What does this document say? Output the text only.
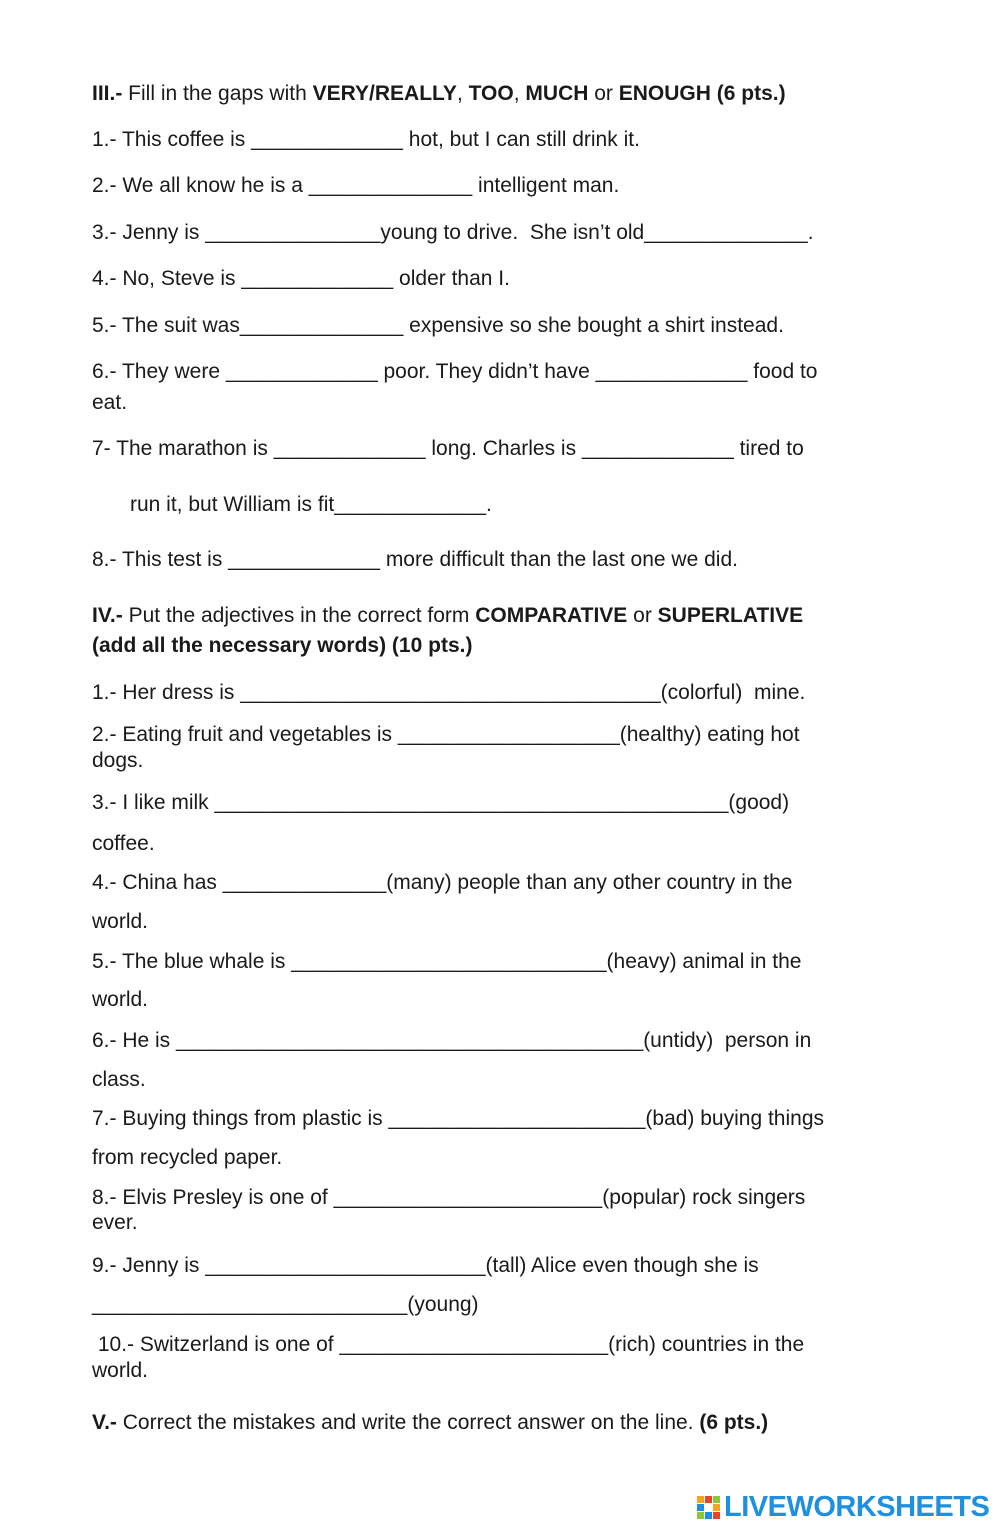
III.- Fill in the gaps with VERY/REALLY, TOO, MUCH or ENOUGH (6 pts.)
1.- This coffee is _____________ hot, but I can still drink it.
2.- We all know he is a ______________ intelligent man.
3.- Jenny is _______________young to drive.  She isn’t old______________.
4.- No, Steve is _____________ older than I.
5.- The suit was______________ expensive so she bought a shirt instead.
6.- They were _____________ poor. They didn’t have _____________ food to
eat.
7- The marathon is _____________ long. Charles is _____________ tired to
run it, but William is fit_____________.
8.- This test is _____________ more difficult than the last one we did.
IV.- Put the adjectives in the correct form COMPARATIVE or SUPERLATIVE
(add all the necessary words) (10 pts.)
1.- Her dress is ____________________________________(colorful)  mine.
2.- Eating fruit and vegetables is ___________________(healthy) eating hot
dogs.
3.- I like milk ____________________________________________(good)
coffee.
4.- China has ______________(many) people than any other country in the
world.
5.- The blue whale is ___________________________(heavy) animal in the
world.
6.- He is ________________________________________(untidy)  person in
class.
7.- Buying things from plastic is ______________________(bad) buying things
from recycled paper.
8.- Elvis Presley is one of _______________________(popular) rock singers
ever.
9.- Jenny is ________________________(tall) Alice even though she is
___________________________(young)
10.- Switzerland is one of _______________________(rich) countries in the
world.
V.- Correct the mistakes and write the correct answer on the line. (6 pts.)
LIVEWORKSHEETS
